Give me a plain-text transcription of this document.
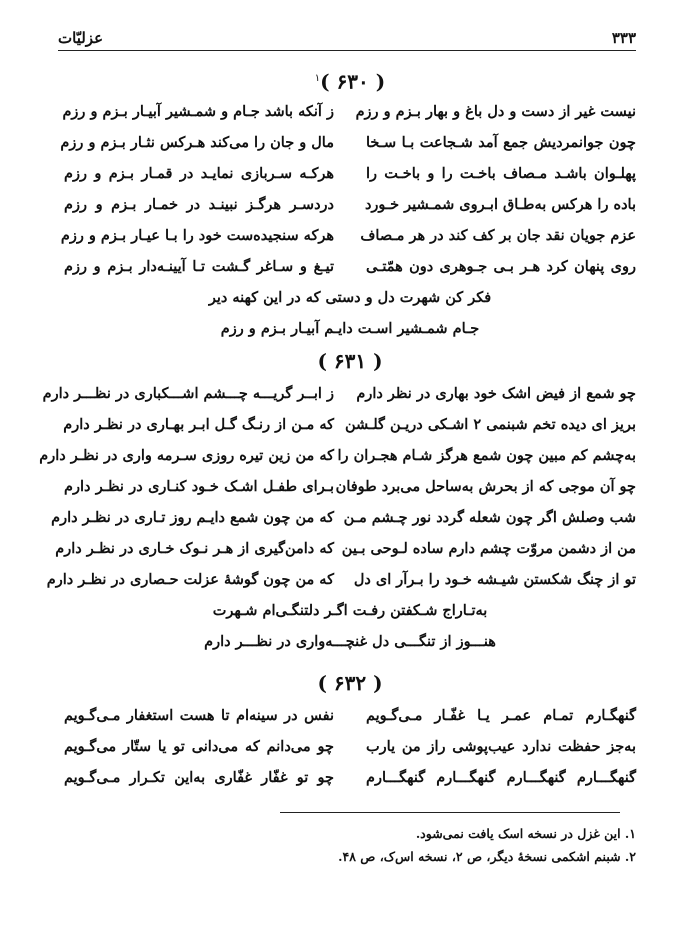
۳۳۳
عزلیّات
( ۶۳۰ )$^۱$
نیست غیر از دست و دل باغ و بهار بـزم و رزم
ز آنکه باشد جـام و شمـشیر آبیـار بـزم و رزم
چون جوانمردیش جمع آمد شـجاعت بـا سـخا
مال و جان را می‌کند هـرکس نثـار بـزم و رزم
پهلـوان باشـد مـصاف باخـت را و باخـت را
هرکـه سـربازی نمایـد در قمـار بـزم و رزم
باده را هرکس به‌طـاق ابـروی شمـشیر خـورد
دردسـر هرگـز نبینـد در خمـار بـزم و رزم
عزم جویان نقد جان بر کف کند در هر مـصاف
هرکه سنجیده‌ست خود را بـا عیـار بـزم و رزم
روی پنهان کرد هـر بـی جـوهری دون همّتـی
تیـغ و سـاغر گـشت تـا آیینـه‌دار بـزم و رزم
فکر کن شهرت دل و دستی که در این کهنه دیر
جـام شمـشیر اسـت دایـم آبیـار بـزم و رزم
( ۶۳۱ )
چو شمع از فیض اشک خود بهاری در نظر دارم
ز ابــر گریـــه چـــشم اشـــکباری در نظـــر دارم
بریز ای دیده تخم شبنمی ۲ اشـکی دریـن گلـشن
که مـن از رنـگ گـل ابـر بهـاری در نظـر دارم
به‌چشم کم مبین چون شمع هرگز شـام هجـران را
که من زین تیره روزی سـرمه واری در نظـر دارم
چو آن موجی که از بحرش به‌ساحل می‌برد طوفان
بـرای طفـل اشـک خـود کنـاری در نظـر دارم
شب وصلش اگر چون شعله گردد نور چـشم مـن
که من چون شمع دایـم روز تـاری در نظـر دارم
من از دشمن مروّت چشم دارم ساده لـوحی بـین
که دامن‌گیری از هـر نـوک خـاری در نظـر دارم
تو از چنگ شکستن شیـشه خـود را بـرآر ای دل
که من چون گوشهٔ عزلت حـصاری در نظـر دارم
به‌تـاراج شـکفتن رفـت اگـر دلتنگـی‌ام شـهرت
هنـــوز از تنگـــی دل غنچـــه‌واری در نظـــر دارم
( ۶۳۲ )
گنهگـارم تمـام عمـر یـا غفّـار مـی‌گـویم
نفس در سینه‌ام تا هست استغفار مـی‌گـویم
به‌جز حفظت ندارد عیب‌پوشی راز من یارب
چو می‌دانم که می‌دانی تو یا ستّار می‌گـویم
گنهگـــارم گنهگـــارم گنهگـــارم گنهگـــارم
چو تو غفّار غفّاری به‌این تکـرار مـی‌گـویم
۱. این غزل در نسخه اسک یافت نمی‌شود.
۲. شبنم اشکمی نسخهٔ دیگر، ص ۲، نسخه اس‌ک، ص ۴۸.
